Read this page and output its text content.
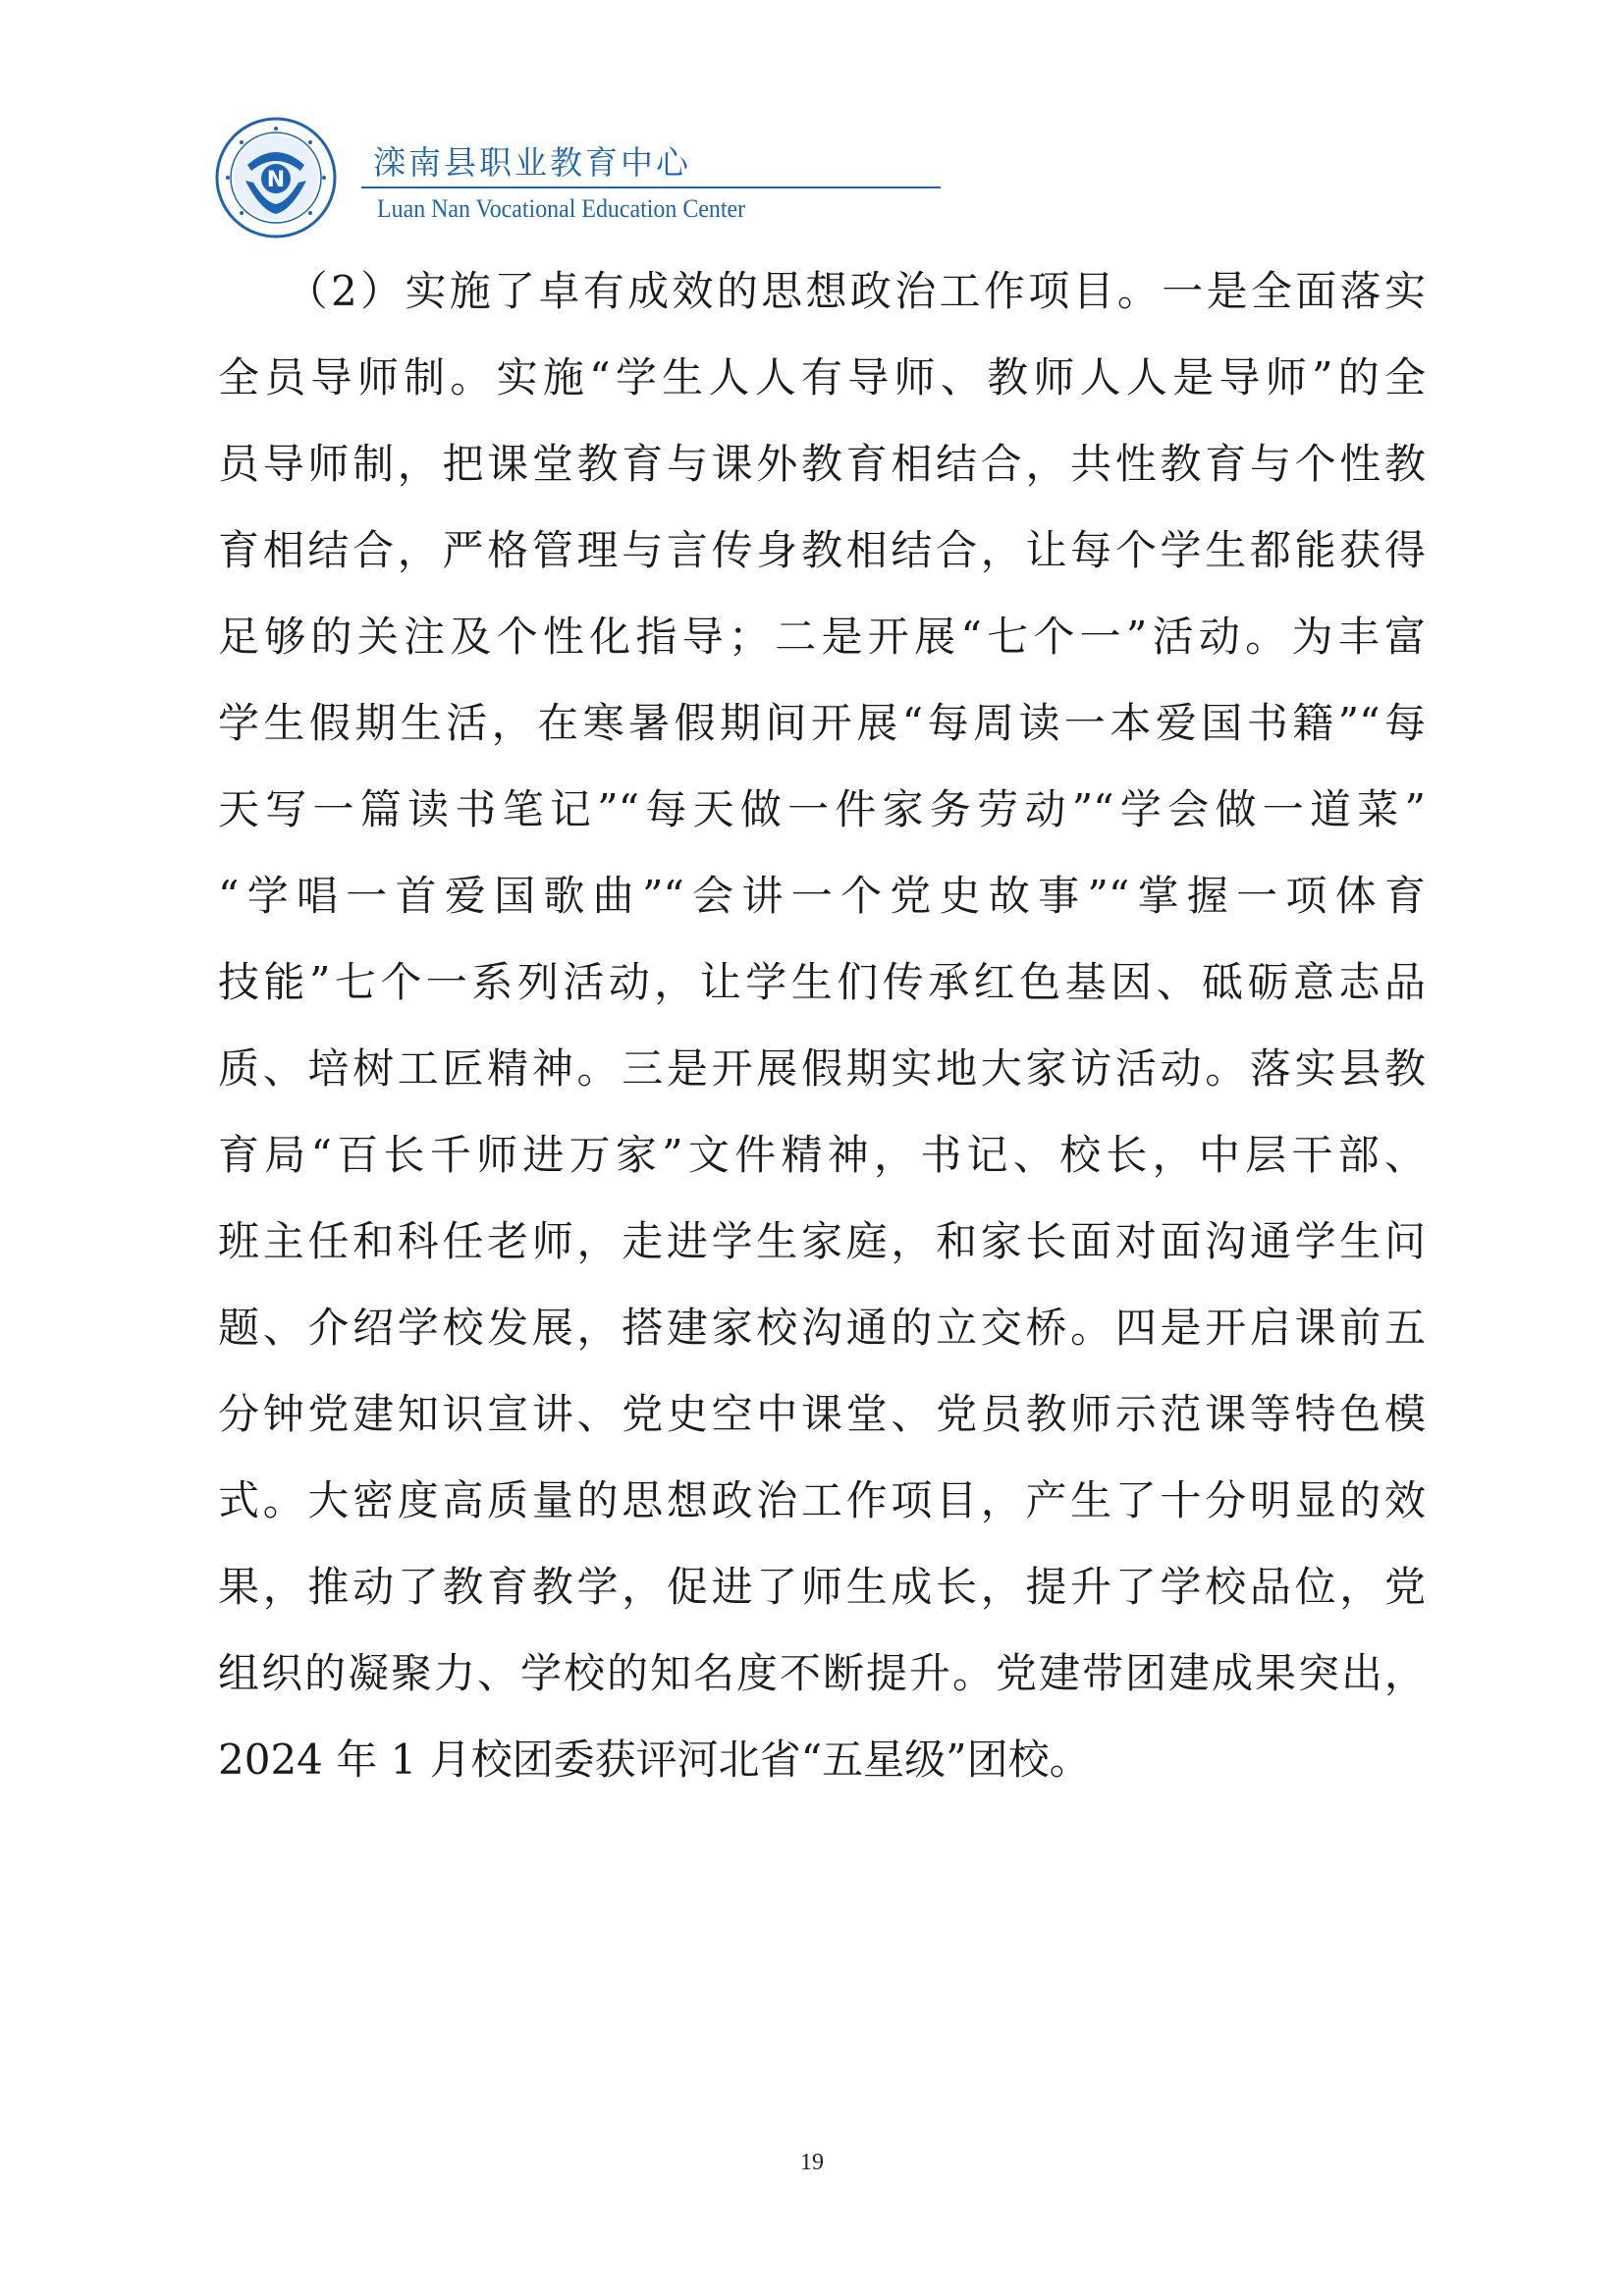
N	滦南县职业教育中心
Luan Nan Vocational Education Center
　　（2）实施了卓有成效的思想政治工作项目。一是全面落实
全员导师制。实施“学生人人有导师、教师人人是导师”的全
员导师制，把课堂教育与课外教育相结合，共性教育与个性教
育相结合，严格管理与言传身教相结合，让每个学生都能获得
足够的关注及个性化指导；二是开展“七个一”活动。为丰富
学生假期生活，在寒暑假期间开展“每周读一本爱国书籍”“每
天写一篇读书笔记”“每天做一件家务劳动”“学会做一道菜”
“学唱一首爱国歌曲”“会讲一个党史故事”“掌握一项体育
技能”七个一系列活动，让学生们传承红色基因、砥砺意志品
质、培树工匠精神。三是开展假期实地大家访活动。落实县教
育局“百长千师进万家”文件精神，书记、校长，中层干部、
班主任和科任老师，走进学生家庭，和家长面对面沟通学生问
题、介绍学校发展，搭建家校沟通的立交桥。四是开启课前五
分钟党建知识宣讲、党史空中课堂、党员教师示范课等特色模
式。大密度高质量的思想政治工作项目，产生了十分明显的效
果，推动了教育教学，促进了师生成长，提升了学校品位，党
组织的凝聚力、学校的知名度不断提升。党建带团建成果突出，
2024 年 1 月校团委获评河北省“五星级”团校。
19
